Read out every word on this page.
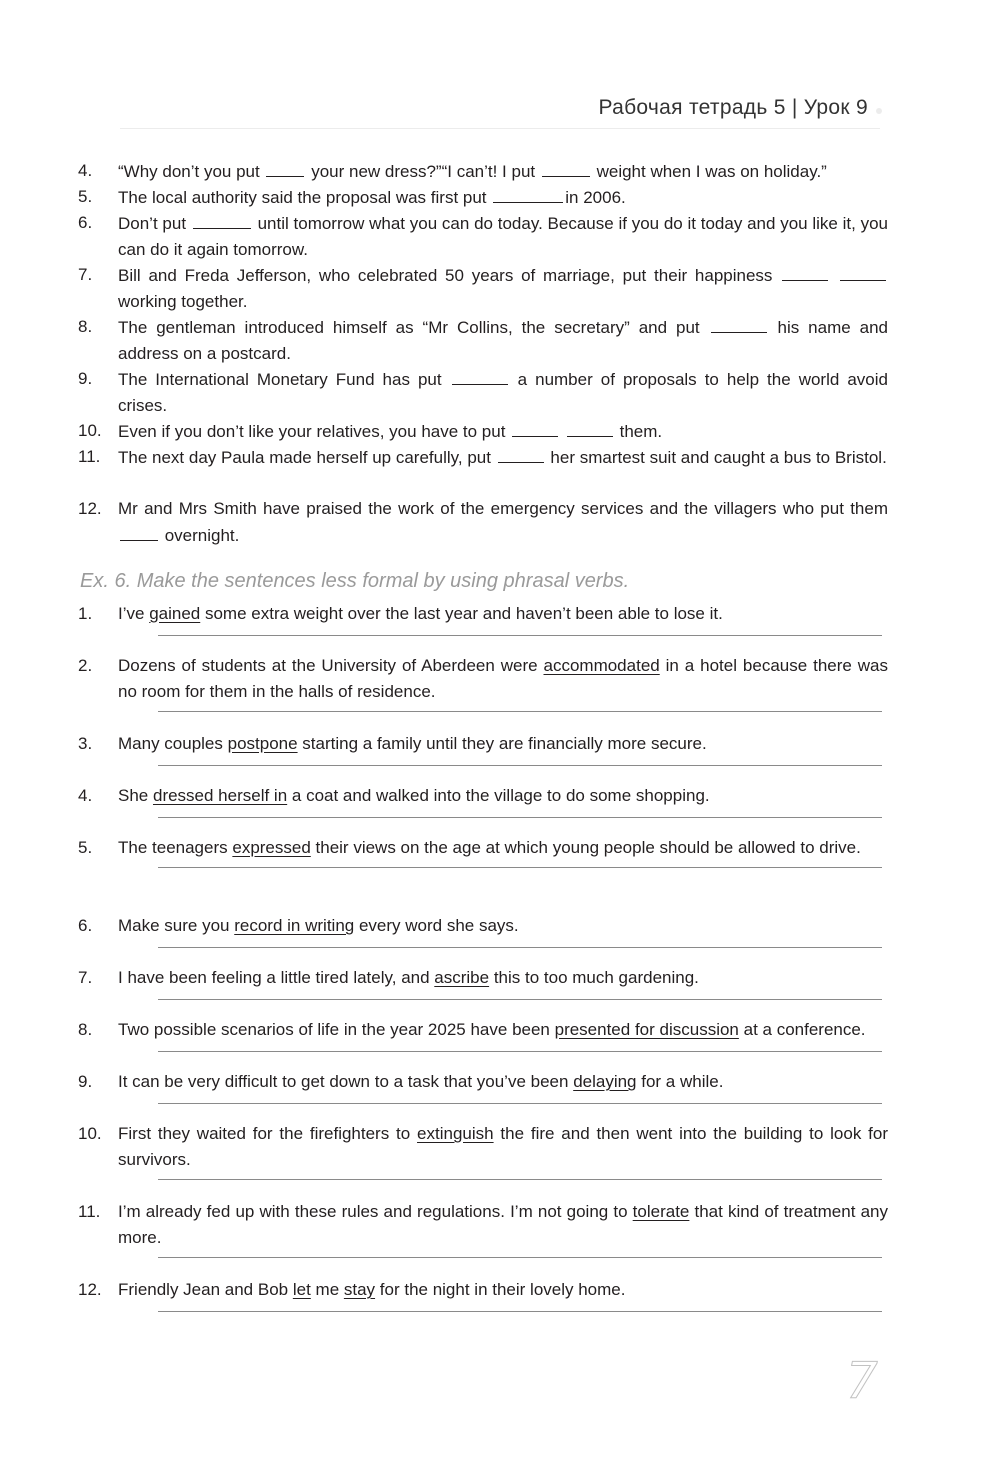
Рабочая тетрадь 5 | Урок 9
4.	“Why don’t you put  your new dress?”“I can’t! I put	weight when I was on holiday.”
5.	The local authority said the proposal was first put	in 2006.
6.	Don’t put	until tomorrow what you can do today. Because if you do it today and you like it, you can do it again tomorrow.
7.	Bill and Freda Jefferson, who celebrated 50 years of marriage, put their happiness   working together.
8.	The gentleman introduced himself as “Mr Collins, the secretary” and put	his name and address on a postcard.
9.	The International Monetary Fund has put	a number of proposals to help the world avoid crises.
10. Even if you don’t like your relatives, you have to put	them.
11.	The next day Paula made herself up carefully, put	her smartest suit and caught a bus to Bristol.
12. Mr and Mrs Smith have praised the work of the emergency services and the villagers who put them  overnight.
Ex. 6. Make the sentences less formal by using phrasal verbs.
1.	I’ve gained some extra weight over the last year and haven’t been able to lose it.
2.	Dozens of students at the University of Aberdeen were accommodated in a hotel because there was no room for them in the halls of residence.
3.	Many couples postpone starting a family until they are financially more secure.
4.	She dressed herself in a coat and walked into the village to do some shopping.
5.	The teenagers expressed their views on the age at which young people should be allowed to drive.
6.	Make sure you record in writing every word she says.
7.	I have been feeling a little tired lately, and ascribe this to too much gardening.
8.	Two possible scenarios of life in the year 2025 have been presented for discussion at a conference.
9.	It can be very difficult to get down to a task that you’ve been delaying for a while.
10. First they waited for the firefighters to extinguish the fire and then went into the building to look for survivors.
11.	I’m already fed up with these rules and regulations. I’m not going to tolerate that kind of treatment any more.
12. Friendly Jean and Bob let me stay for the night in their lovely home.
7
